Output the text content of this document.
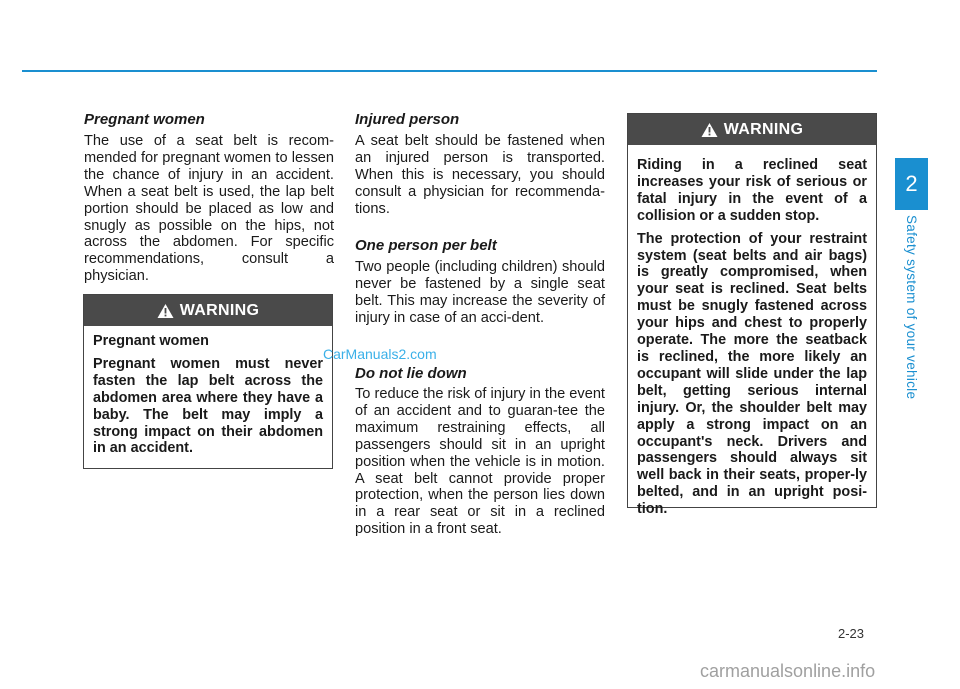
Pregnant women

The use of a seat belt is recom-mended for pregnant women to lessen the chance of injury in an accident. When a seat belt is used, the lap belt portion should be placed as low and snugly as possible on the hips, not across the abdomen. For specific recommendations, consult a physician.

WARNING

Pregnant women

Pregnant women must never fasten the lap belt across the abdomen area where they have a baby. The belt may imply a strong impact on their abdomen in an accident.

Injured person

A seat belt should be fastened when an injured person is transported. When this is necessary, you should consult a physician for recommenda-tions.

One person per belt

Two people (including children) should never be fastened by a single seat belt. This may increase the severity of injury in case of an acci-dent.

Do not lie down

To reduce the risk of injury in the event of an accident and to guaran-tee the maximum restraining effects, all passengers should sit in an upright position when the vehicle is in motion. A seat belt cannot provide proper protection, when the person lies down in a rear seat or sit in a reclined position in a front seat.

WARNING

Riding in a reclined seat increases your risk of serious or fatal injury in the event of a collision or a sudden stop.

The protection of your restraint system (seat belts and air bags) is greatly compromised, when your seat is reclined. Seat belts must be snugly fastened across your hips and chest to properly operate. The more the seatback is reclined, the more likely an occupant will slide under the lap belt, getting serious internal injury. Or, the shoulder belt may apply a strong impact on an occupant's neck. Drivers and passengers should always sit well back in their seats, proper-ly belted, and in an upright posi-tion.

2
Safety system of your vehicle
2-23
CarManuals2.com
carmanualsonline.info
